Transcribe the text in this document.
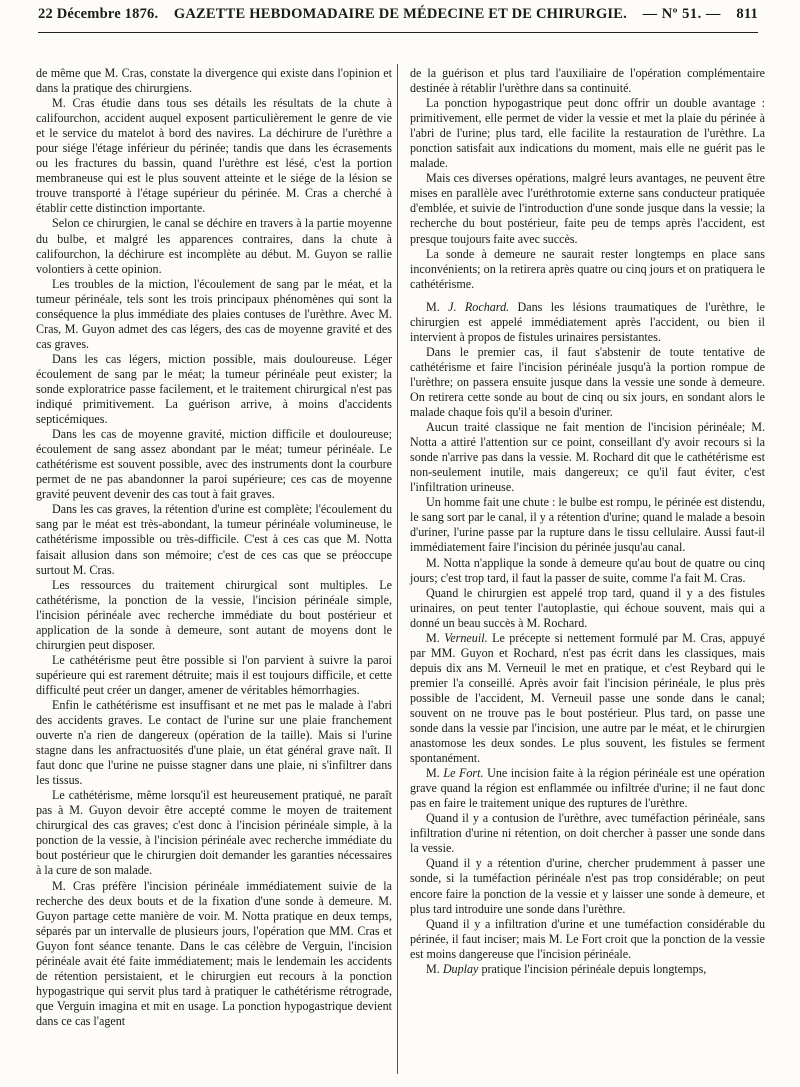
22 Décembre 1876. GAZETTE HEBDOMADAIRE DE MÉDECINE ET DE CHIRURGIE. — Nº 51. — 811

de même que M. Cras, constate la divergence qui existe dans l'opinion et dans la pratique des chirurgiens.

M. Cras étudie dans tous ses détails les résultats de la chute à califourchon, accident auquel exposent particulièrement le genre de vie et le service du matelot à bord des navires. La déchirure de l'urèthre a pour siége l'étage inférieur du périnée; tandis que dans les écrasements ou les fractures du bassin, quand l'urèthre est lésé, c'est la portion membraneuse qui est le plus souvent atteinte et le siége de la lésion se trouve transporté à l'étage supérieur du périnée. M. Cras a cherché à établir cette distinction importante.

Selon ce chirurgien, le canal se déchire en travers à la partie moyenne du bulbe, et malgré les apparences contraires, dans la chute à califourchon, la déchirure est incomplète au début. M. Guyon se rallie volontiers à cette opinion.

Les troubles de la miction, l'écoulement de sang par le méat, et la tumeur périnéale, tels sont les trois principaux phénomènes qui sont la conséquence la plus immédiate des plaies contuses de l'urèthre. Avec M. Cras, M. Guyon admet des cas légers, des cas de moyenne gravité et des cas graves.

Dans les cas légers, miction possible, mais douloureuse. Léger écoulement de sang par le méat; la tumeur périnéale peut exister; la sonde exploratrice passe facilement, et le traitement chirurgical n'est pas indiqué primitivement. La guérison arrive, à moins d'accidents septicémiques.

Dans les cas de moyenne gravité, miction difficile et douloureuse; écoulement de sang assez abondant par le méat; tumeur périnéale. Le cathétérisme est souvent possible, avec des instruments dont la courbure permet de ne pas abandonner la paroi supérieure; ces cas de moyenne gravité peuvent devenir des cas tout à fait graves.

Dans les cas graves, la rétention d'urine est complète; l'écoulement du sang par le méat est très-abondant, la tumeur périnéale volumineuse, le cathétérisme impossible ou très-difficile. C'est à ces cas que M. Notta faisait allusion dans son mémoire; c'est de ces cas que se préoccupe surtout M. Cras.

Les ressources du traitement chirurgical sont multiples. Le cathétérisme, la ponction de la vessie, l'incision périnéale simple, l'incision périnéale avec recherche immédiate du bout postérieur et application de la sonde à demeure, sont autant de moyens dont le chirurgien peut disposer.

Le cathétérisme peut être possible si l'on parvient à suivre la paroi supérieure qui est rarement détruite; mais il est toujours difficile, et cette difficulté peut créer un danger, amener de véritables hémorrhagies.

Enfin le cathétérisme est insuffisant et ne met pas le malade à l'abri des accidents graves. Le contact de l'urine sur une plaie franchement ouverte n'a rien de dangereux (opération de la taille). Mais si l'urine stagne dans les anfractuosités d'une plaie, un état général grave naît. Il faut donc que l'urine ne puisse stagner dans une plaie, ni s'infiltrer dans les tissus.

Le cathétérisme, même lorsqu'il est heureusement pratiqué, ne paraît pas à M. Guyon devoir être accepté comme le moyen de traitement chirurgical des cas graves; c'est donc à l'incision périnéale simple, à la ponction de la vessie, à l'incision périnéale avec recherche immédiate du bout postérieur que le chirurgien doit demander les garanties nécessaires à la cure de son malade.

M. Cras préfère l'incision périnéale immédiatement suivie de la recherche des deux bouts et de la fixation d'une sonde à demeure. M. Guyon partage cette manière de voir. M. Notta pratique en deux temps, séparés par un intervalle de plusieurs jours, l'opération que MM. Cras et Guyon font séance tenante. Dans le cas célèbre de Verguin, l'incision périnéale avait été faite immédiatement; mais le lendemain les accidents de rétention persistaient, et le chirurgien eut recours à la ponction hypogastrique qui servit plus tard à pratiquer le cathétérisme rétrograde, que Verguin imagina et mit en usage. La ponction hypogastrique devient dans ce cas l'agent

de la guérison et plus tard l'auxiliaire de l'opération complémentaire destinée à rétablir l'urèthre dans sa continuité.

La ponction hypogastrique peut donc offrir un double avantage : primitivement, elle permet de vider la vessie et met la plaie du périnée à l'abri de l'urine; plus tard, elle facilite la restauration de l'urèthre. La ponction satisfait aux indications du moment, mais elle ne guérit pas le malade.

Mais ces diverses opérations, malgré leurs avantages, ne peuvent être mises en parallèle avec l'uréthrotomie externe sans conducteur pratiquée d'emblée, et suivie de l'introduction d'une sonde jusque dans la vessie; la recherche du bout postérieur, faite peu de temps après l'accident, est presque toujours faite avec succès.

La sonde à demeure ne saurait rester longtemps en place sans inconvénients; on la retirera après quatre ou cinq jours et on pratiquera le cathétérisme.

M. J. Rochard. Dans les lésions traumatiques de l'urèthre, le chirurgien est appelé immédiatement après l'accident, ou bien il intervient à propos de fistules urinaires persistantes.

Dans le premier cas, il faut s'abstenir de toute tentative de cathétérisme et faire l'incision périnéale jusqu'à la portion rompue de l'urèthre; on passera ensuite jusque dans la vessie une sonde à demeure. On retirera cette sonde au bout de cinq ou six jours, en sondant alors le malade chaque fois qu'il a besoin d'uriner.

Aucun traité classique ne fait mention de l'incision périnéale; M. Notta a attiré l'attention sur ce point, conseillant d'y avoir recours si la sonde n'arrive pas dans la vessie. M. Rochard dit que le cathétérisme est non-seulement inutile, mais dangereux; ce qu'il faut éviter, c'est l'infiltration urineuse.

Un homme fait une chute : le bulbe est rompu, le périnée est distendu, le sang sort par le canal, il y a rétention d'urine; quand le malade a besoin d'uriner, l'urine passe par la rupture dans le tissu cellulaire. Aussi faut-il immédiatement faire l'incision du périnée jusqu'au canal.

M. Notta n'applique la sonde à demeure qu'au bout de quatre ou cinq jours; c'est trop tard, il faut la passer de suite, comme l'a fait M. Cras.

Quand le chirurgien est appelé trop tard, quand il y a des fistules urinaires, on peut tenter l'autoplastie, qui échoue souvent, mais qui a donné un beau succès à M. Rochard.

M. Verneuil. Le précepte si nettement formulé par M. Cras, appuyé par MM. Guyon et Rochard, n'est pas écrit dans les classiques, mais depuis dix ans M. Verneuil le met en pratique, et c'est Reybard qui le premier l'a conseillé. Après avoir fait l'incision périnéale, le plus près possible de l'accident, M. Verneuil passe une sonde dans le canal; souvent on ne trouve pas le bout postérieur. Plus tard, on passe une sonde dans la vessie par l'incision, une autre par le méat, et le chirurgien anastomose les deux sondes. Le plus souvent, les fistules se ferment spontanément.

M. Le Fort. Une incision faite à la région périnéale est une opération grave quand la région est enflammée ou infiltrée d'urine; il ne faut donc pas en faire le traitement unique des ruptures de l'urèthre.

Quand il y a contusion de l'urèthre, avec tuméfaction périnéale, sans infiltration d'urine ni rétention, on doit chercher à passer une sonde dans la vessie.

Quand il y a rétention d'urine, chercher prudemment à passer une sonde, si la tuméfaction périnéale n'est pas trop considérable; on peut encore faire la ponction de la vessie et y laisser une sonde à demeure, et plus tard introduire une sonde dans l'urèthre.

Quand il y a infiltration d'urine et une tuméfaction considérable du périnée, il faut inciser; mais M. Le Fort croit que la ponction de la vessie est moins dangereuse que l'incision périnéale.

M. Duplay pratique l'incision périnéale depuis longtemps,
